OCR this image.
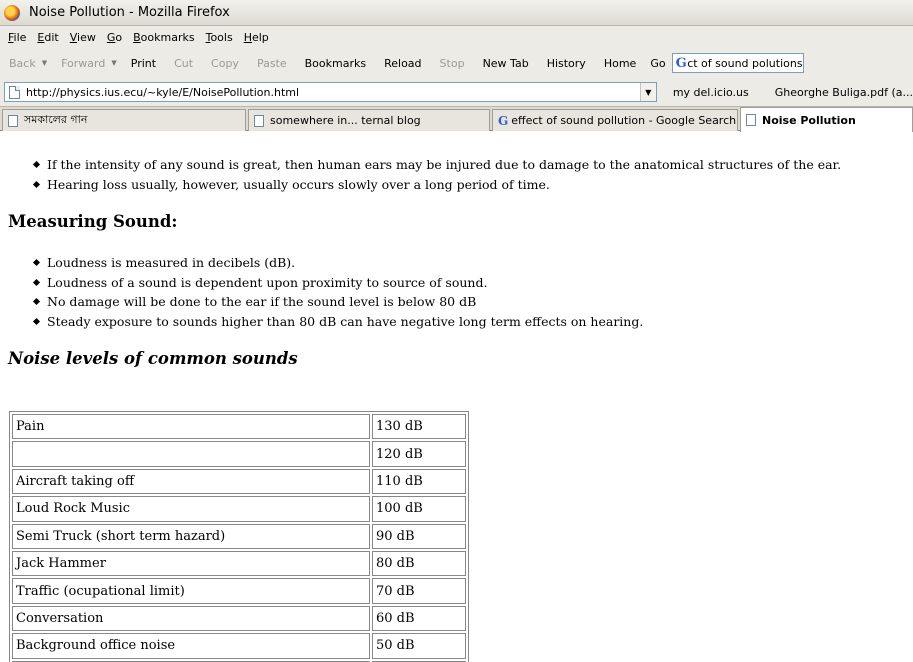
Noise Pollution - Mozilla Firefox
File	Edit	View	Go	Bookmarks	Tools	Help
Back ▼	Forward ▼	Print	Cut	Copy	Paste	Bookmarks	Reload	Stop	New Tab	History	Home	Go G ct of sound polutions
http://physics.ius.ecu/~kyle/E/NoisePollution.html	▼	my del.icio.us	Gheorghe Buliga.pdf (a...
সমকালের গান	somewhere in... ternal blog	G effect of sound pollution - Google Search Noise Pollution
If the intensity of any sound is great, then human ears may be injured due to damage to the anatomical structures of the ear.
Hearing loss usually, however, usually occurs slowly over a long period of time.
Measuring Sound:
Loudness is measured in decibels (dB).
Loudness of a sound is dependent upon proximity to source of sound.
No damage will be done to the ear if the sound level is below 80 dB
Steady exposure to sounds higher than 80 dB can have negative long term effects on hearing.
Noise levels of common sounds
Pain	130 dB
	120 dB
Aircraft taking off	110 dB
Loud Rock Music	100 dB
Semi Truck (short term hazard)	90 dB
Jack Hammer	80 dB
Traffic (ocupational limit)	70 dB
Conversation	60 dB
Background office noise	50 dB
